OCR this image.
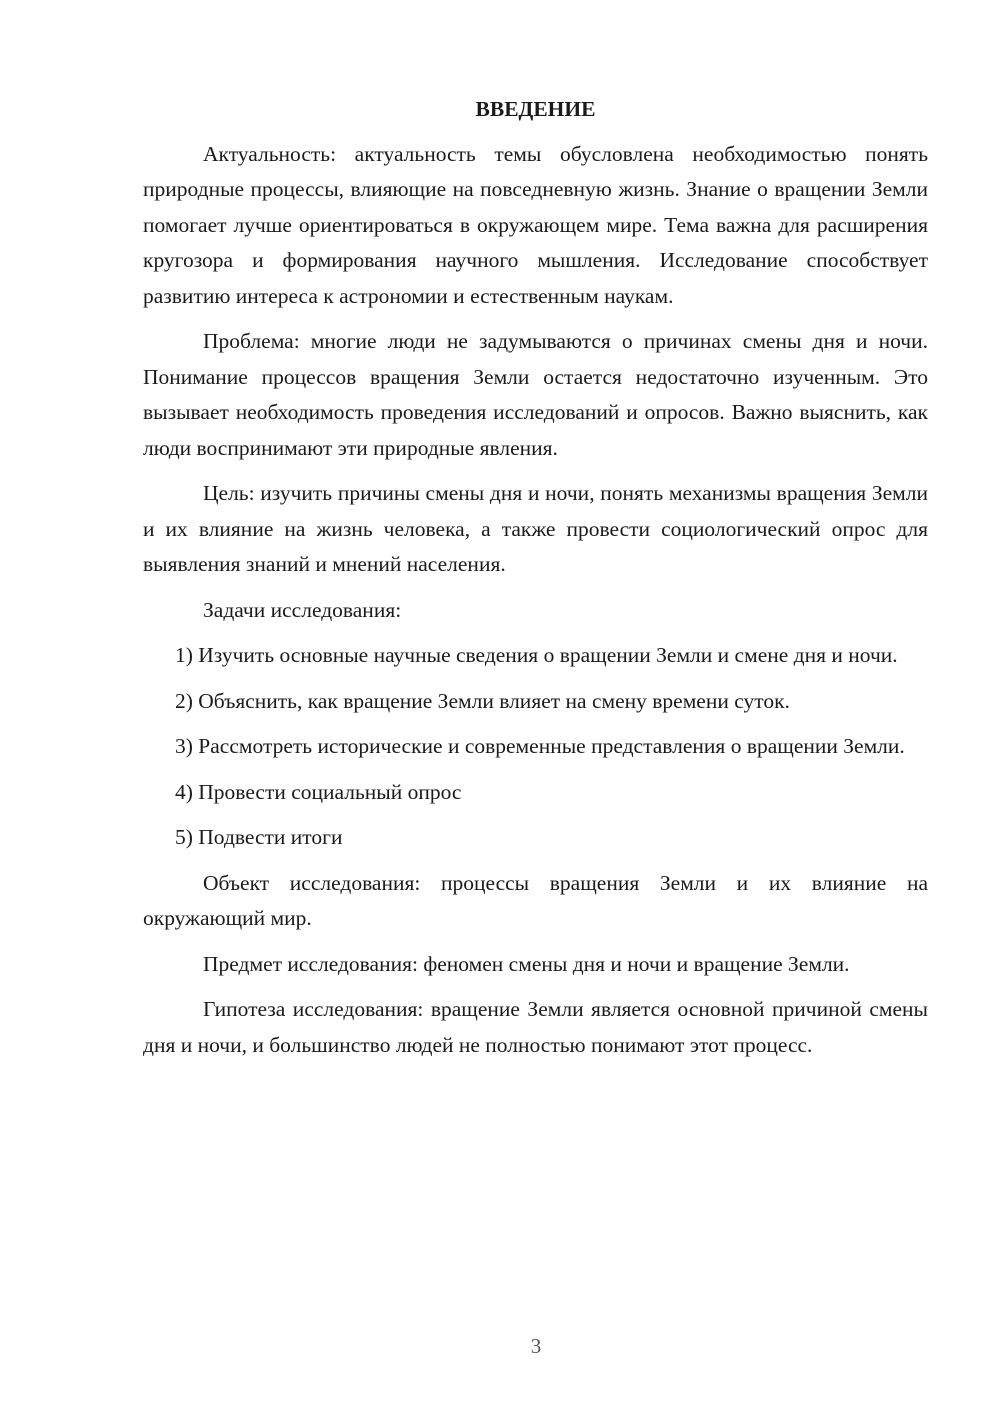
ВВЕДЕНИЕ

Актуальность: актуальность темы обусловлена необходимостью понять природные процессы, влияющие на повседневную жизнь. Знание о вращении Земли помогает лучше ориентироваться в окружающем мире. Тема важна для расширения кругозора и формирования научного мышления. Исследование способствует развитию интереса к астрономии и естественным наукам.

Проблема: многие люди не задумываются о причинах смены дня и ночи. Понимание процессов вращения Земли остается недостаточно изученным. Это вызывает необходимость проведения исследований и опросов. Важно выяснить, как люди воспринимают эти природные явления.

Цель: изучить причины смены дня и ночи, понять механизмы вращения Земли и их влияние на жизнь человека, а также провести социологический опрос для выявления знаний и мнений населения.

Задачи исследования:

1) Изучить основные научные сведения о вращении Земли и смене дня и ночи.

2) Объяснить, как вращение Земли влияет на смену времени суток.

3) Рассмотреть исторические и современные представления о вращении Земли.

4) Провести социальный опрос

5) Подвести итоги

Объект исследования: процессы вращения Земли и их влияние на окружающий мир.

Предмет исследования: феномен смены дня и ночи и вращение Земли.

Гипотеза исследования: вращение Земли является основной причиной смены дня и ночи, и большинство людей не полностью понимают этот процесс.

3
